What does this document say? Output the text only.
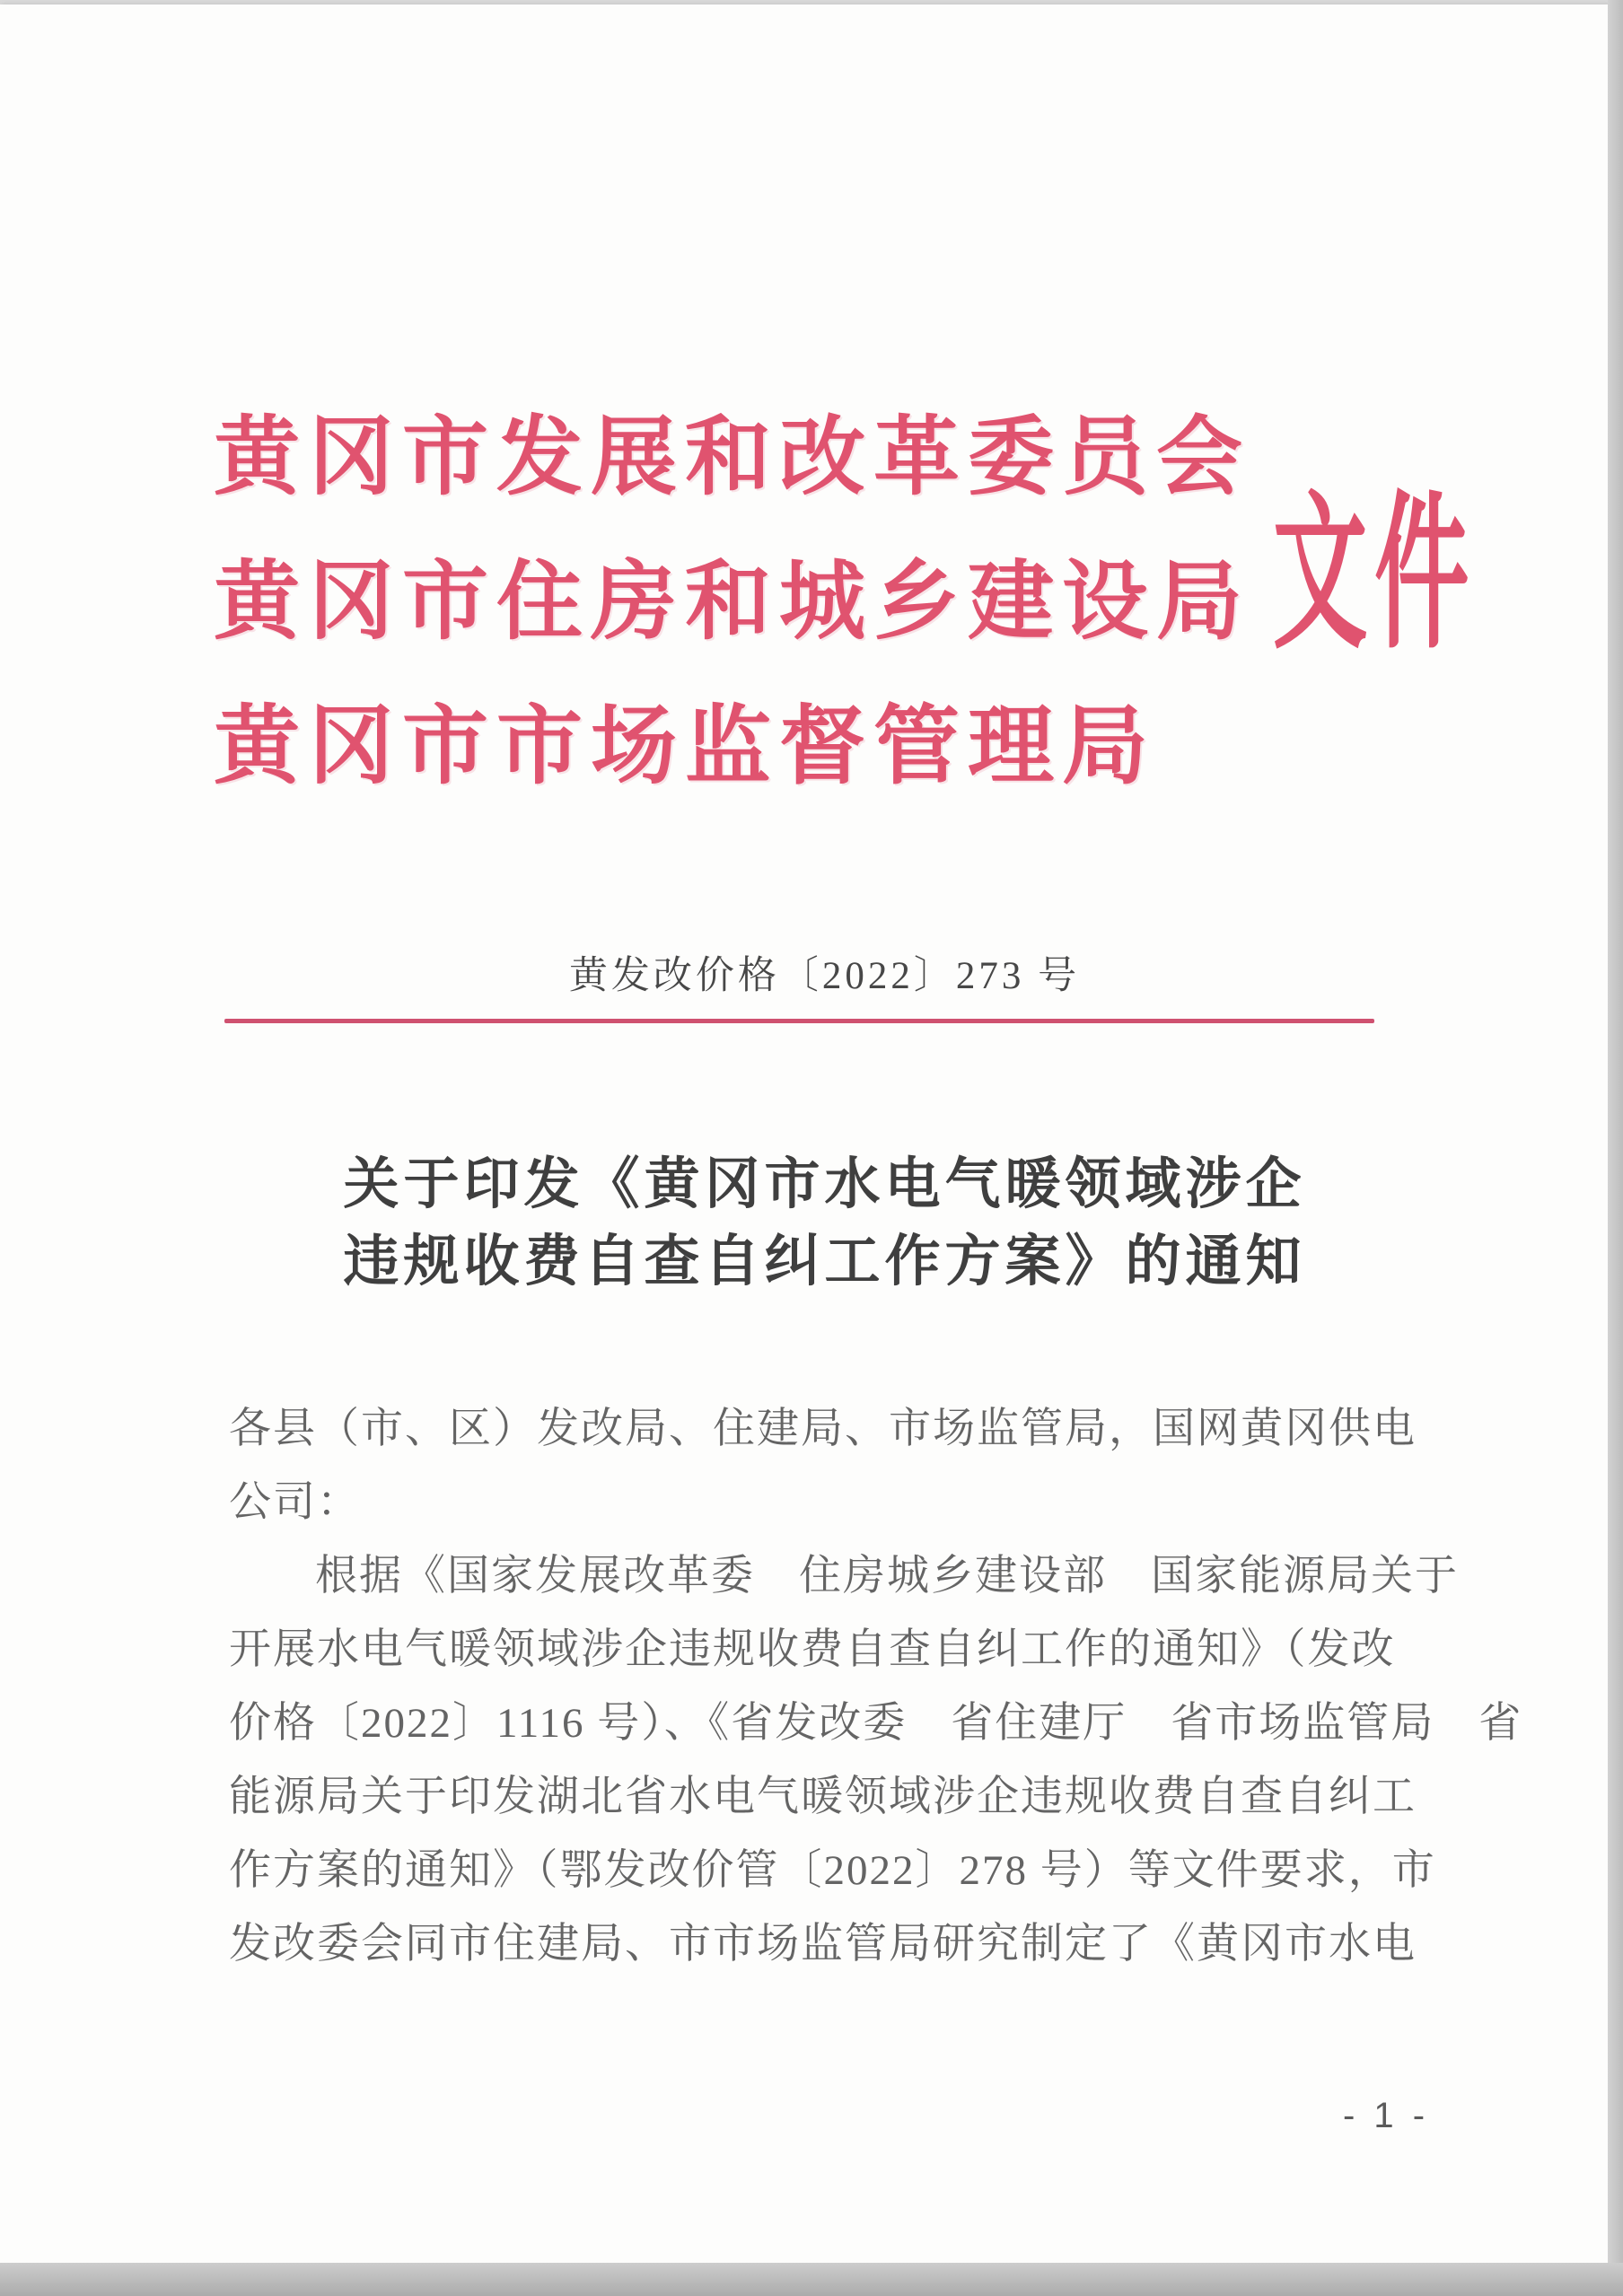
黄冈市发展和改革委员会
黄冈市住房和城乡建设局
黄冈市市场监督管理局
文件
黄发改价格〔2022〕273 号
关于印发《黄冈市水电气暖领域涉企
违规收费自查自纠工作方案》的通知
各县（市、区）发改局、住建局、市场监管局，国网黄冈供电
公司：
根据《国家发展改革委　住房城乡建设部　国家能源局关于
开展水电气暖领域涉企违规收费自查自纠工作的通知》（发改
价格〔2022〕1116 号）、《省发改委　省住建厅　省市场监管局　省
能源局关于印发湖北省水电气暖领域涉企违规收费自查自纠工
作方案的通知》（鄂发改价管〔2022〕278 号）等文件要求，市
发改委会同市住建局、市市场监管局研究制定了《黄冈市水电
- 1 -
